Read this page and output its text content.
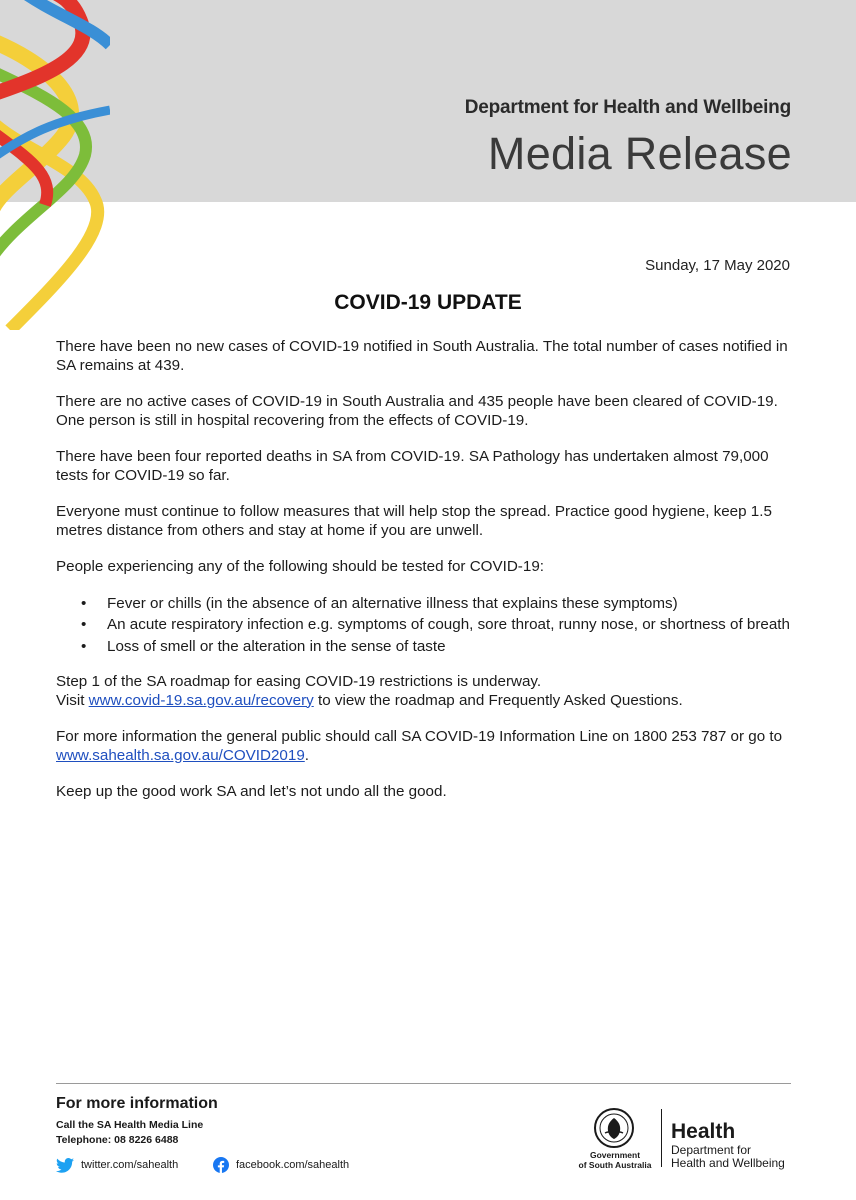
Department for Health and Wellbeing
Media Release
Sunday, 17 May 2020
COVID-19 UPDATE

There have been no new cases of COVID-19 notified in South Australia. The total number of cases notified in SA remains at 439.

There are no active cases of COVID-19 in South Australia and 435 people have been cleared of COVID-19. One person is still in hospital recovering from the effects of COVID-19.

There have been four reported deaths in SA from COVID-19. SA Pathology has undertaken almost 79,000 tests for COVID-19 so far.

Everyone must continue to follow measures that will help stop the spread. Practice good hygiene, keep 1.5 metres distance from others and stay at home if you are unwell.

People experiencing any of the following should be tested for COVID-19:

• Fever or chills (in the absence of an alternative illness that explains these symptoms)
• An acute respiratory infection e.g. symptoms of cough, sore throat, runny nose, or shortness of breath
• Loss of smell or the alteration in the sense of taste

Step 1 of the SA roadmap for easing COVID-19 restrictions is underway.
Visit www.covid-19.sa.gov.au/recovery to view the roadmap and Frequently Asked Questions.

For more information the general public should call SA COVID-19 Information Line on 1800 253 787 or go to www.sahealth.sa.gov.au/COVID2019.

Keep up the good work SA and let’s not undo all the good.

For more information
Call the SA Health Media Line
Telephone: 08 8226 6488
twitter.com/sahealth	facebook.com/sahealth
Government
of South Australia
Health
Department for
Health and Wellbeing
